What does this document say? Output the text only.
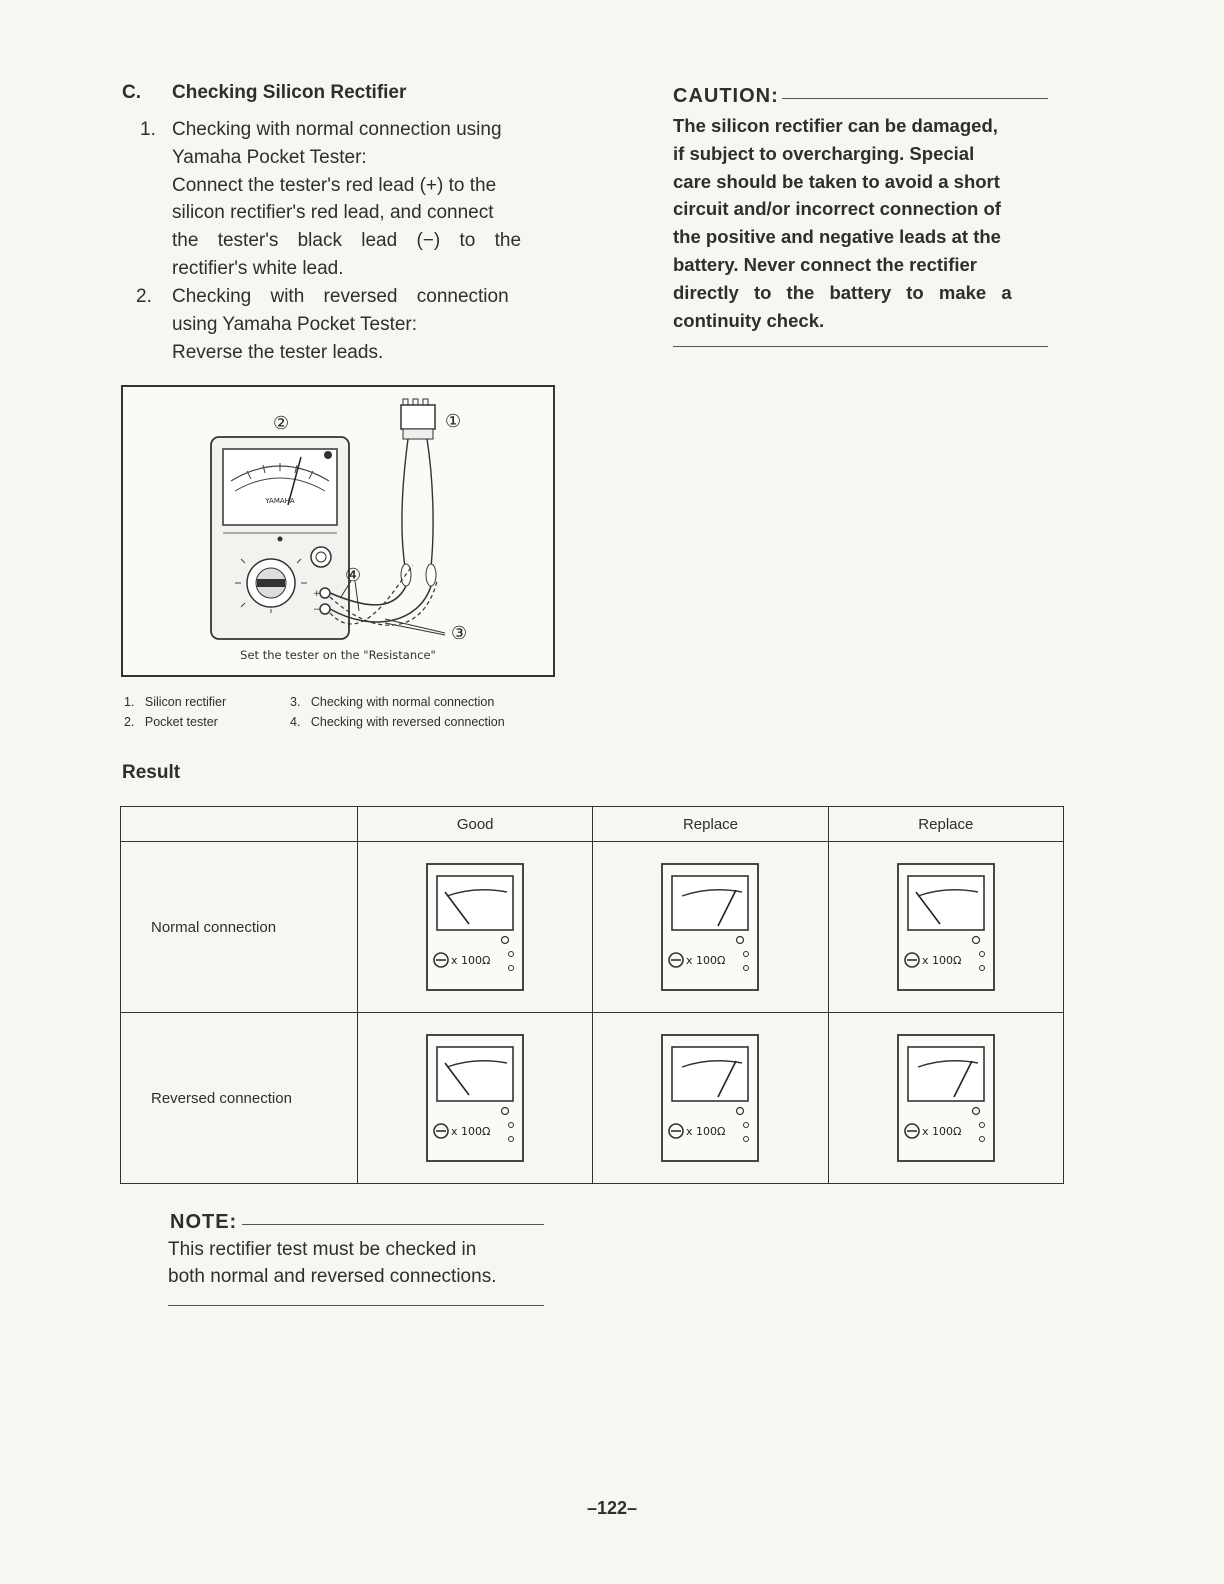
C. Checking Silicon Rectifier
1. Checking with normal connection using
Yamaha Pocket Tester:
Connect the tester's red lead (+) to the
silicon rectifier's red lead, and connect
the tester's black lead (−) to the
rectifier's white lead.
2. Checking with reversed connection
using Yamaha Pocket Tester:
Reverse the tester leads.
CAUTION:
The silicon rectifier can be damaged,
if subject to overcharging. Special
care should be taken to avoid a short
circuit and/or incorrect connection of
the positive and negative leads at the
battery. Never connect the rectifier
directly to the battery to make a
continuity check.
YAMAHA
+
−
②	①
④
③
Set the tester on the "Resistance"
1. Silicon rectifier
2. Pocket tester
3. Checking with normal connection
4. Checking with reversed connection
Result
	Good	Replace	Replace
Normal connection	x 100Ω	x 100Ω	x 100Ω

Reversed connection	x 100Ω	x 100Ω	x 100Ω
NOTE:
This rectifier test must be checked in
both normal and reversed connections.
–122–
